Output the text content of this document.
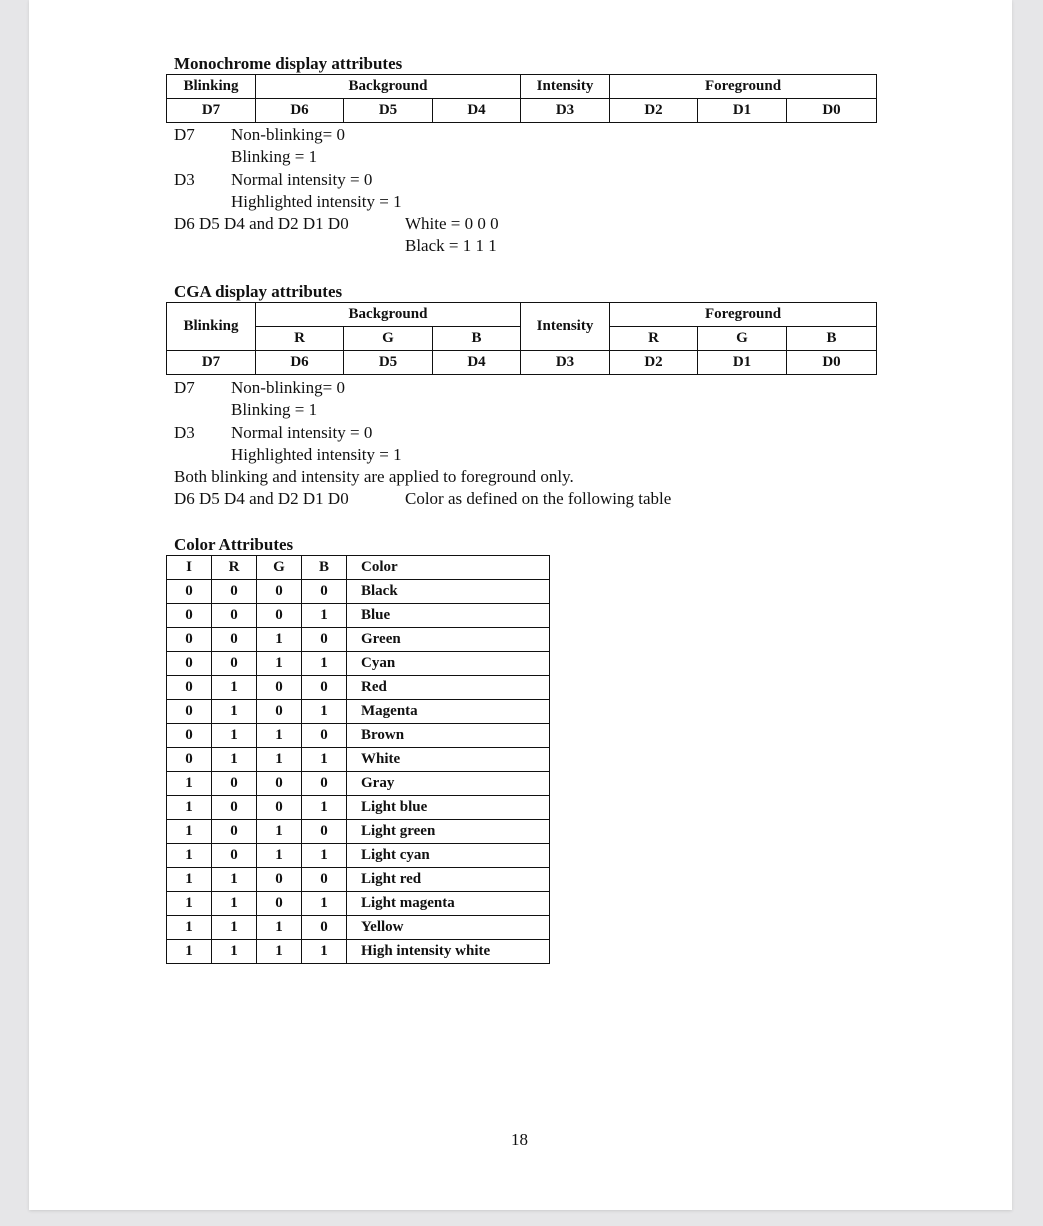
Monochrome display attributes
Blinking	Background			Intensity	Foreground		
D7	D6	D5	D4	D3	D2	D1	D0
D7 Non-blinking= 0
Blinking = 1
D3 Normal intensity = 0
Highlighted intensity = 1
D6 D5 D4 and D2 D1 D0	White = 0 0 0
Black = 1 1 1
CGA display attributes
Blinking	Background			Intensity	Foreground		
	R	G	B		R	G	B
D7	D6	D5	D4	D3	D2	D1	D0
D7 Non-blinking= 0
Blinking = 1
D3 Normal intensity = 0
Highlighted intensity = 1
Both blinking and intensity are applied to foreground only.
D6 D5 D4 and D2 D1 D0	Color as defined on the following table
Color Attributes
I	R	G	B	Color
0	0	0	0	Black
0	0	0	1	Blue
0	0	1	0	Green
0	0	1	1	Cyan
0	1	0	0	Red
0	1	0	1	Magenta
0	1	1	0	Brown
0	1	1	1	White
1	0	0	0	Gray
1	0	0	1	Light blue
1	0	1	0	Light green
1	0	1	1	Light cyan
1	1	0	0	Light red
1	1	0	1	Light magenta
1	1	1	0	Yellow
1	1	1	1	High intensity white
18
